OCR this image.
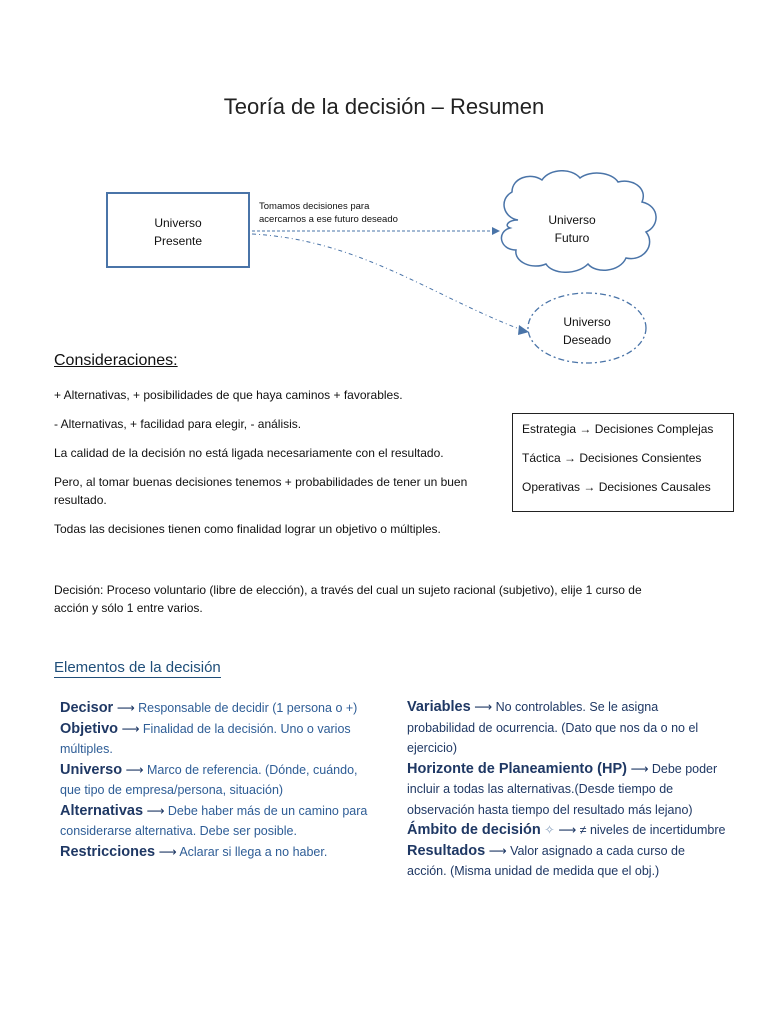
Teoría de la decisión – Resumen
Universo
Presente
Universo
Futuro
Universo
Deseado
Tomamos decisiones para
acercarnos a ese futuro deseado
Consideraciones:
+ Alternativas, + posibilidades de que haya caminos + favorables.
- Alternativas, + facilidad para elegir, - análisis.
La calidad de la decisión no está ligada necesariamente con el resultado.
Pero, al tomar buenas decisiones tenemos + probabilidades de tener un buen resultado.
Todas las decisiones tienen como finalidad lograr un objetivo o múltiples.
Estrategia → Decisiones Complejas
Táctica → Decisiones Consientes
Operativas → Decisiones Causales
Decisión: Proceso voluntario (libre de elección), a través del cual un sujeto racional (subjetivo), elije 1 curso de acción y sólo 1 entre varios.
Elementos de la decisión
Decisor ⟶ Responsable de decidir (1 persona o +)
Objetivo ⟶ Finalidad de la decisión. Uno o varios múltiples.
Universo ⟶ Marco de referencia. (Dónde, cuándo, que tipo de empresa/persona, situación)
Alternativas ⟶ Debe haber más de un camino para considerarse alternativa. Debe ser posible.
Restricciones ⟶ Aclarar si llega a no haber.
Variables ⟶ No controlables. Se le asigna probabilidad de ocurrencia. (Dato que nos da o no el ejercicio)
Horizonte de Planeamiento (HP) ⟶ Debe poder incluir a todas las alternativas.(Desde tiempo de observación hasta tiempo del resultado más lejano)
Ámbito de decisión ✧ ⟶ ≠ niveles de incertidumbre
Resultados ⟶ Valor asignado a cada curso de acción. (Misma unidad de medida que el obj.)
